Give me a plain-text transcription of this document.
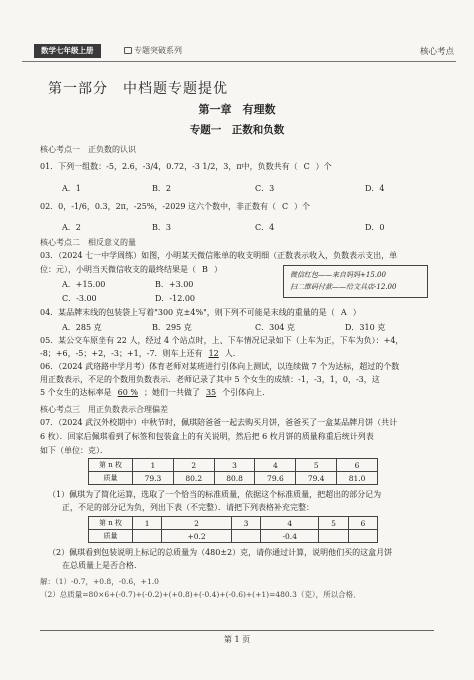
数学七年级上册	专题突破系列	核心考点
第一部分　中档题专题提优
第一章　有理数
专题一　正数和负数
核心考点一　正负数的认识
01．下列一组数：-5，2.6，-3/4，0.72，-3 1/2，3，π中，负数共有（ C ）个
A．1	B．2	C．3	D．4
02．0，-1/6，0.3，2π，-25%，-2029 这六个数中，非正数有（ C ）个
A．2	B．3	C．4	D．0
核心考点二　相反意义的量
03．（2024 七一中学周练）如图，小明某天微信账单的收支明细（正数表示收入，负数表示支出，单
位：元），小明当天微信收支的最终结果是（ B ）
A．+15.00	B．+3.00
C．-3.00	D．-12.00
微信红包——来自妈妈+15.00
扫二维码付款——给文具店-12.00
04．某品牌末线的包装袋上写着"300 克±4%"，则下列不可能是末线的重量的是（ A ）
A．285 克	B．295 克	C．304 克	D．310 克
05．某公交车原坐有 22 人，经过 4 个站点时，上、下车情况记录如下（上车为正，下车为负）：+4，
-8；+6，-5；+2，-3；+1，-7．则车上还有 12 人．
06．（2024 武珞路中学月考）体育老师对某班进行引体向上测试，以连续做 7 个为达标，超过的个数
用正数表示，不足的个数用负数表示．老师记录了其中 5 个女生的成绩：-1，-3，1，0，-3，这
5 个女生的达标率是 60 % ；她们一共做了 35 个引体向上．
核心考点三　用正负数表示合理偏差
07．（2024 武汉外校期中）中秋节时，佩琪陪爸爸一起去购买月饼，爸爸买了一盒某品牌月饼（共计
6 枚）．回家后佩琪看到了标签和包装盒上的有关说明，然后把 6 枚月饼的质量称重后统计列表
如下（单位：克）．
第 n 枚	1	2	3	4	5	6
质量	79.3	80.2	80.8	79.6	79.4	81.0
（1）佩琪为了简化运算，选取了一个恰当的标准质量，依据这个标准质量，把超出的部分记为
正，不足的部分记为负，列出下表（不完整）．请把下列表格补充完整：
第 n 枚	1	2	3	4	5	6
质量		+0.2		-0.4		
（2）佩琪看到包装说明上标记的总质量为（480±2）克，请你通过计算，说明他们买的这盒月饼
在总质量上是否合格．
解：（1）-0.7，+0.8，-0.6，+1.0
（2）总质量=80×6+(-0.7)+(-0.2)+(+0.8)+(-0.4)+(-0.6)+(+1)=480.3（克），所以合格．
第 1 页
